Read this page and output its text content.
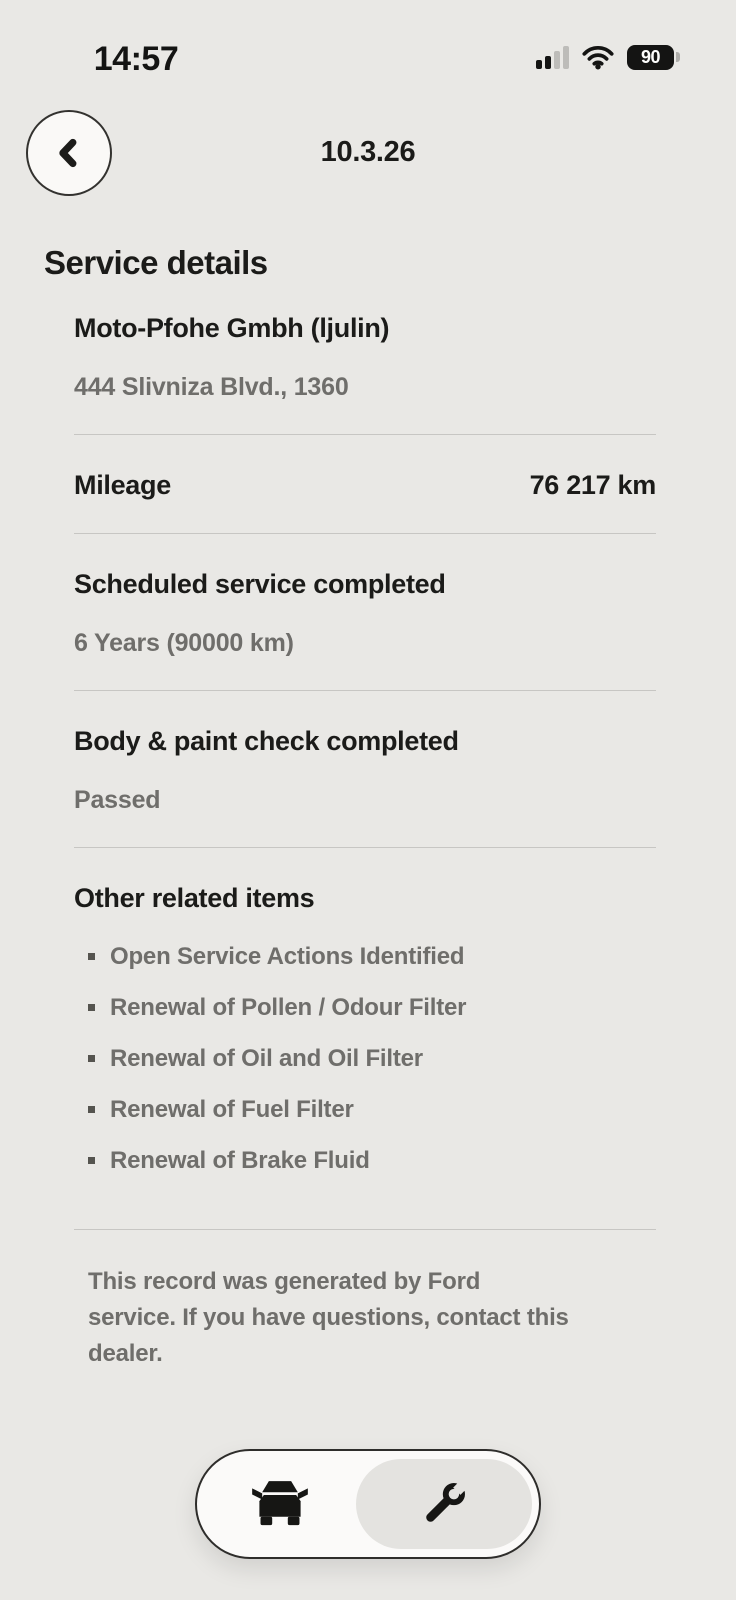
14:57	90
10.3.26
Service details
Moto-Pfohe Gmbh (ljulin)
444 Slivniza Blvd., 1360
Mileage	76 217 km
Scheduled service completed
6 Years (90000 km)
Body & paint check completed
Passed
Other related items
Open Service Actions Identified
Renewal of Pollen / Odour Filter
Renewal of Oil and Oil Filter
Renewal of Fuel Filter
Renewal of Brake Fluid
This record was generated by Ford
service. If you have questions, contact this
dealer.
